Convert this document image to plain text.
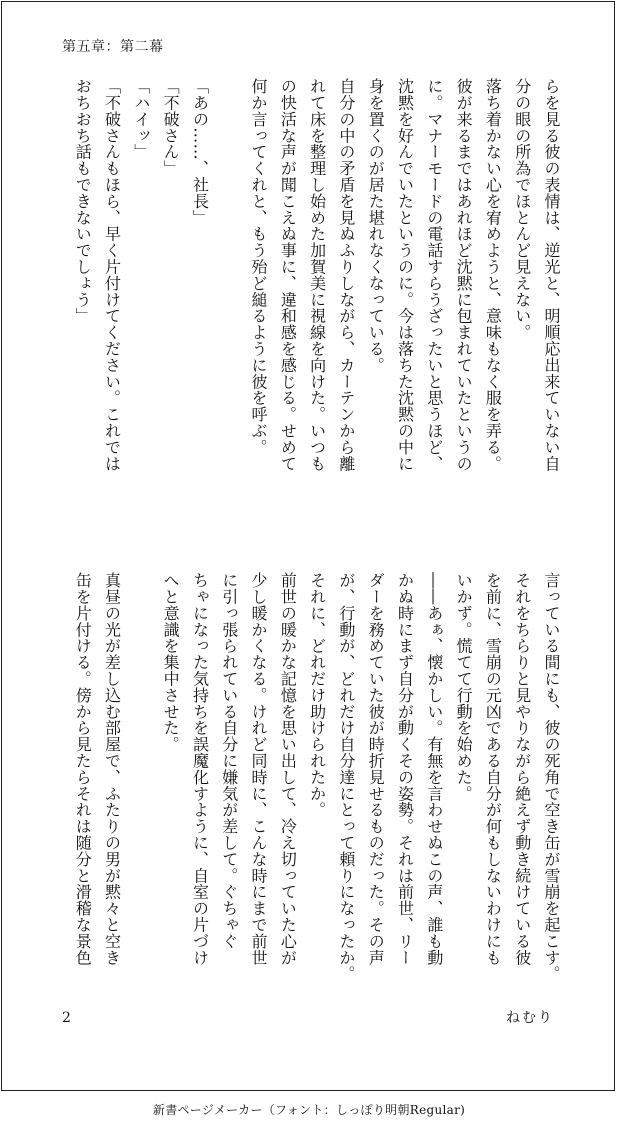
第五章：第二幕

らを見る彼の表情は、逆光と、明順応出来ていない自

分の眼の所為でほとんど見えない。

落ち着かない心を宥めようと、意味もなく服を弄る。

彼が来るまではあれほど沈黙に包まれていたというの

に。マナーモードの電話すらうざったいと思うほど、

沈黙を好んでいたというのに。今は落ちた沈黙の中に

身を置くのが居た堪れなくなっている。

自分の中の矛盾を見ぬふりしながら、カーテンから離

れて床を整理し始めた加賀美に視線を向けた。いつも

の快活な声が聞こえぬ事に、違和感を感じる。せめて

何か言ってくれと、もう殆ど縋るように彼を呼ぶ。

「あの……、社長」

「不破さん」

「ハイッ」

「不破さんもほら、早く片付けてください。これでは

おちおち話もできないでしょう」

言っている間にも、彼の死角で空き缶が雪崩を起こす。

それをちらりと見やりながら絶えず動き続けている彼

を前に、雪崩の元凶である自分が何もしないわけにも

いかず。慌てて行動を始めた。

――あぁ、懐かしい。有無を言わせぬこの声、誰も動

かぬ時にまず自分が動くその姿勢。それは前世、リー

ダーを務めていた彼が時折見せるものだった。その声

が、行動が、どれだけ自分達にとって頼りになったか。

それに、どれだけ助けられたか。

前世の暖かな記憶を思い出して、冷え切っていた心が

少し暖かくなる。けれど同時に、こんな時にまで前世

に引っ張られている自分に嫌気が差して。ぐちゃぐ

ちゃになった気持ちを誤魔化すように、自室の片づけ

へと意識を集中させた。

真昼の光が差し込む部屋で、ふたりの男が黙々と空き

缶を片付ける。傍から見たらそれは随分と滑稽な景色

2	ねむり
新書ページメーカー（フォント：しっぽり明朝Regular)
